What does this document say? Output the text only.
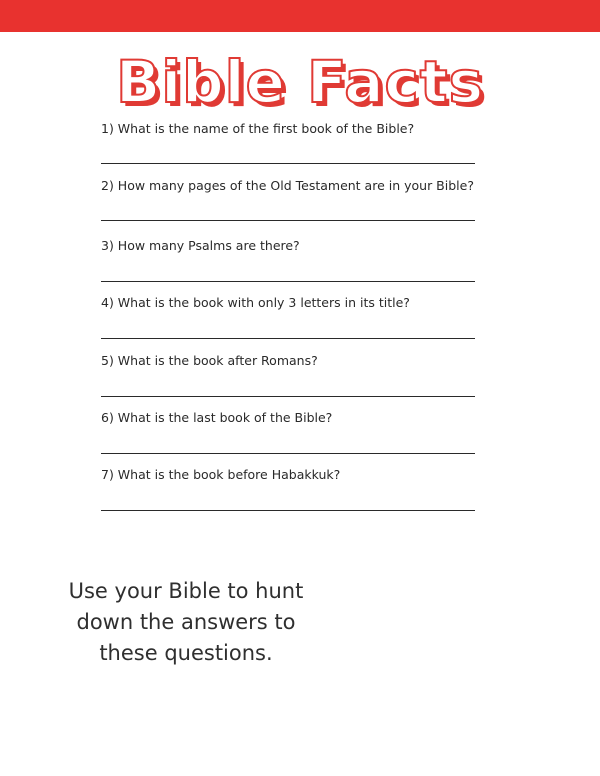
Bible Facts
1) What is the name of the first book of the Bible?
2) How many pages of the Old Testament are in your Bible?
3) How many Psalms are there?
4) What is the book with only 3 letters in its title?
5) What is the book after Romans?
6) What is the last book of the Bible?
7) What is the book before Habakkuk?
Use your Bible to hunt down the answers to these questions.
